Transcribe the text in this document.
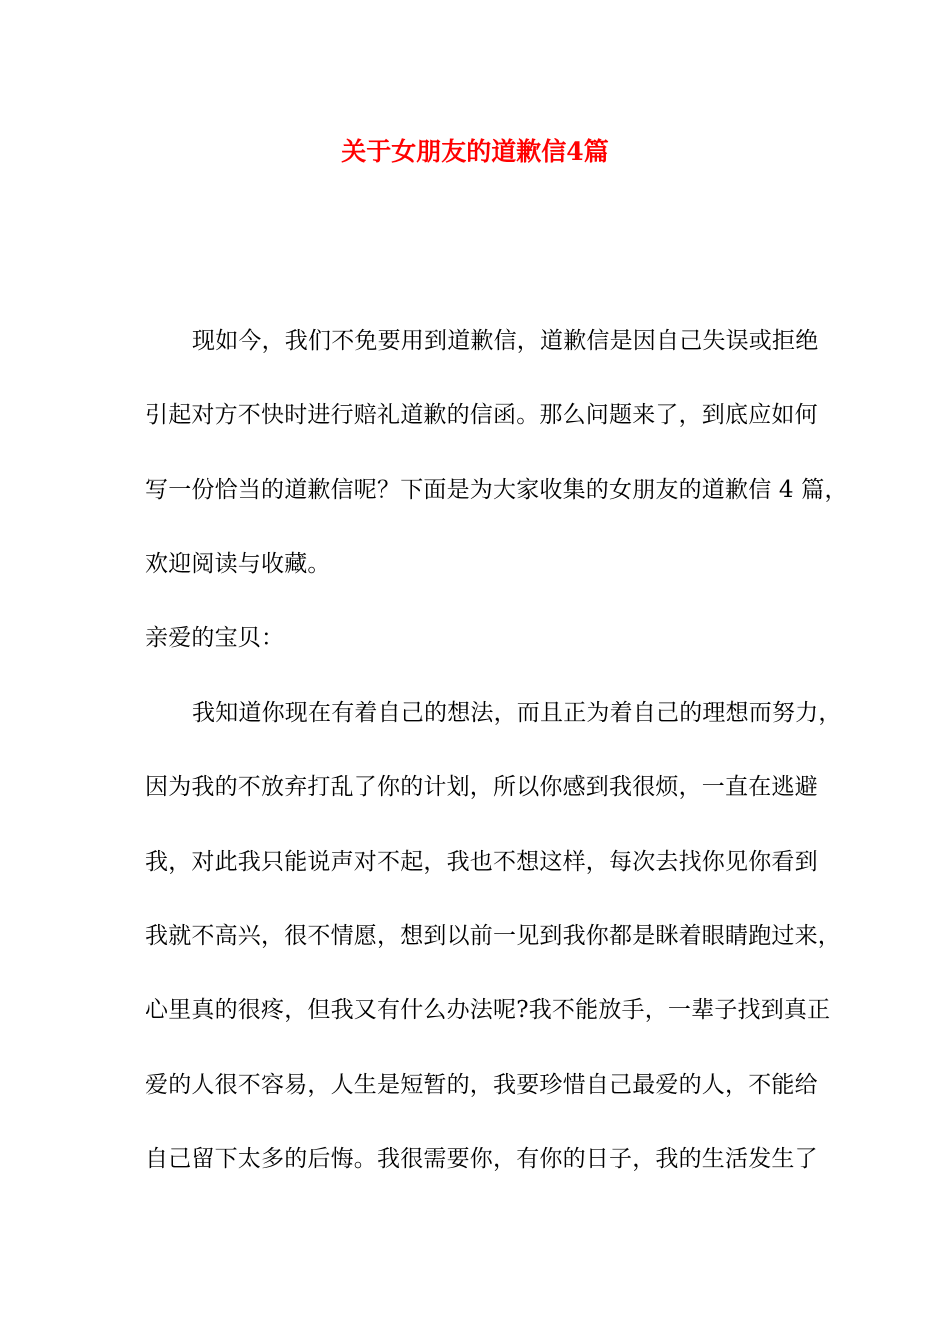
关于女朋友的道歉信4篇
现如今，我们不免要用到道歉信，道歉信是因自己失误或拒绝
引起对方不快时进行赔礼道歉的信函。那么问题来了，到底应如何
写一份恰当的道歉信呢？下面是为大家收集的女朋友的道歉信 4 篇，
欢迎阅读与收藏。
亲爱的宝贝：
我知道你现在有着自己的想法，而且正为着自己的理想而努力，
因为我的不放弃打乱了你的计划，所以你感到我很烦，一直在逃避
我，对此我只能说声对不起，我也不想这样，每次去找你见你看到
我就不高兴，很不情愿，想到以前一见到我你都是眯着眼睛跑过来，
心里真的很疼，但我又有什么办法呢?我不能放手，一辈子找到真正
爱的人很不容易，人生是短暂的，我要珍惜自己最爱的人，不能给
自己留下太多的后悔。我很需要你，有你的日子，我的生活发生了
